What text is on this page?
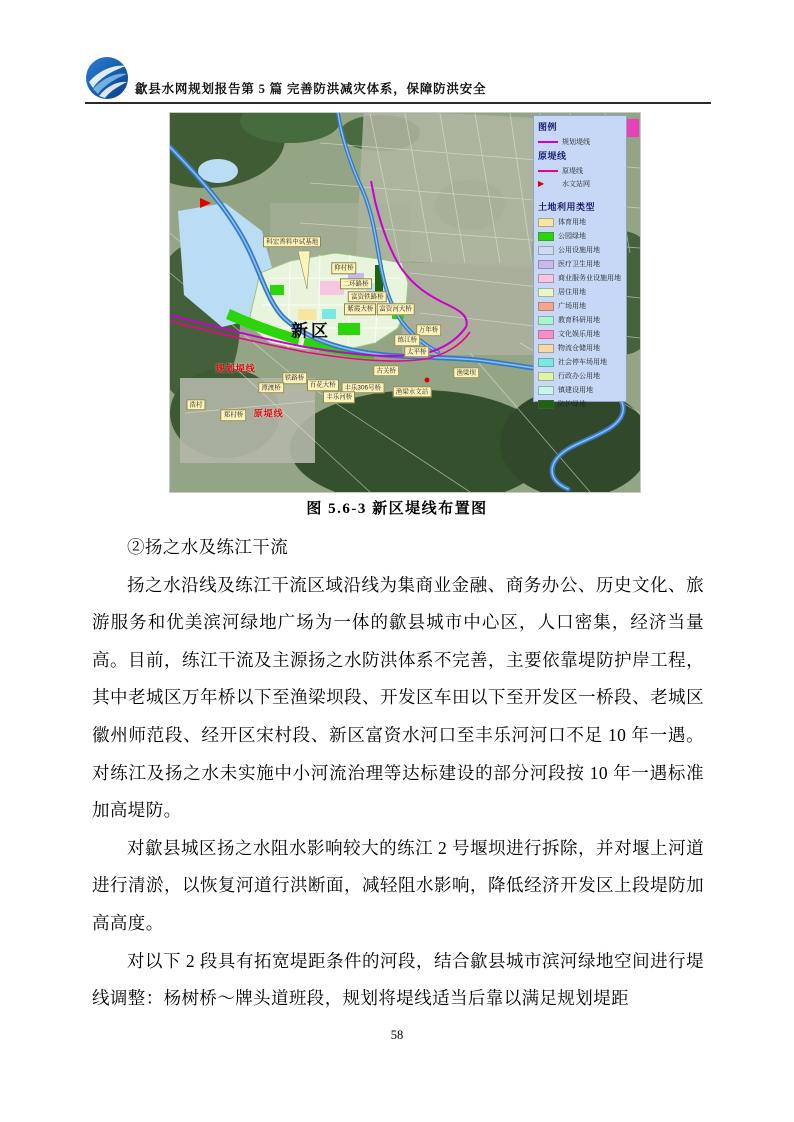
歙县水网规划报告第 5 篇 完善防洪减灾体系，保障防洪安全
新区
规划堤线
原堤线
科宏香料中试基地
仰村桥
二环路桥
富资铁路桥
紫霞大桥 富资河大桥
万年桥
练江桥
太平桥
古关桥	渔梁坝
丰乐306号桥
渔梁水文站
丰乐河桥
百花大桥
铁路桥
潭渡桥
郑村桥
浩村
图例
规划堤线
原堤线
原堤线
▶	水文站网
土地利用类型
体育用地
公园绿地
公用设施用地
医疗卫生用地
商业服务业设施用地
居住用地
广场用地
教育科研用地
文化娱乐用地
物流仓储用地
社会停车场用地
行政办公用地
镇建设用地
防护绿地
图 5.6-3 新区堤线布置图

②扬之水及练江干流

扬之水沿线及练江干流区域沿线为集商业金融、商务办公、历史文化、旅游服务和优美滨河绿地广场为一体的歙县城市中心区，人口密集，经济当量高。目前，练江干流及主源扬之水防洪体系不完善，主要依靠堤防护岸工程，其中老城区万年桥以下至渔梁坝段、开发区车田以下至开发区一桥段、老城区徽州师范段、经开区宋村段、新区富资水河口至丰乐河河口不足 10 年一遇。对练江及扬之水未实施中小河流治理等达标建设的部分河段按 10 年一遇标准加高堤防。

对歙县城区扬之水阻水影响较大的练江 2 号堰坝进行拆除，并对堰上河道进行清淤，以恢复河道行洪断面，减轻阻水影响，降低经济开发区上段堤防加高高度。

对以下 2 段具有拓宽堤距条件的河段，结合歙县城市滨河绿地空间进行堤线调整：杨树桥～牌头道班段，规划将堤线适当后靠以满足规划堤距

58
